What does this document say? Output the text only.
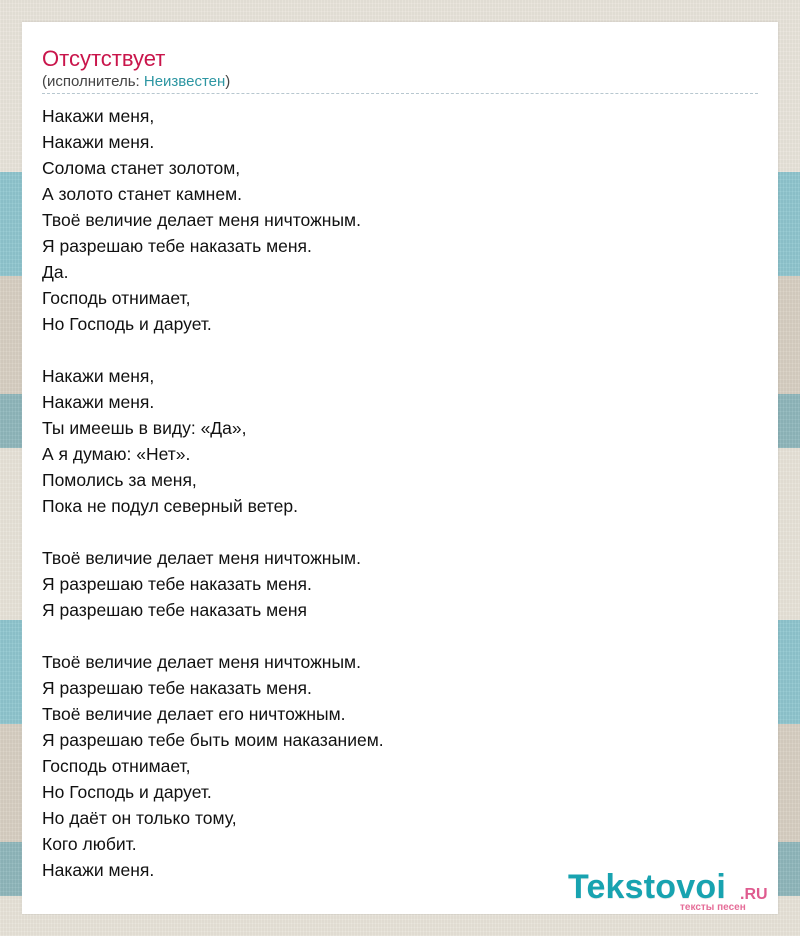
Отсутствует
(исполнитель: Неизвестен)
Накажи меня,
Накажи меня.
Солома станет золотом,
А золото станет камнем.
Твоё величие делает меня ничтожным.
Я разрешаю тебе наказать меня.
Да.
Господь отнимает,
Но Господь и дарует.
Накажи меня,
Накажи меня.
Ты имеешь в виду: «Да»,
А я думаю: «Нет».
Помолись за меня,
Пока не подул северный ветер.
Твоё величие делает меня ничтожным.
Я разрешаю тебе наказать меня.
Я разрешаю тебе наказать меня
Твоё величие делает меня ничтожным.
Я разрешаю тебе наказать меня.
Твоё величие делает его ничтожным.
Я разрешаю тебе быть моим наказанием.
Господь отнимает,
Но Господь и дарует.
Но даёт он только тому,
Кого любит.
Накажи меня.	Tekstovoi .RU
тексты песен
